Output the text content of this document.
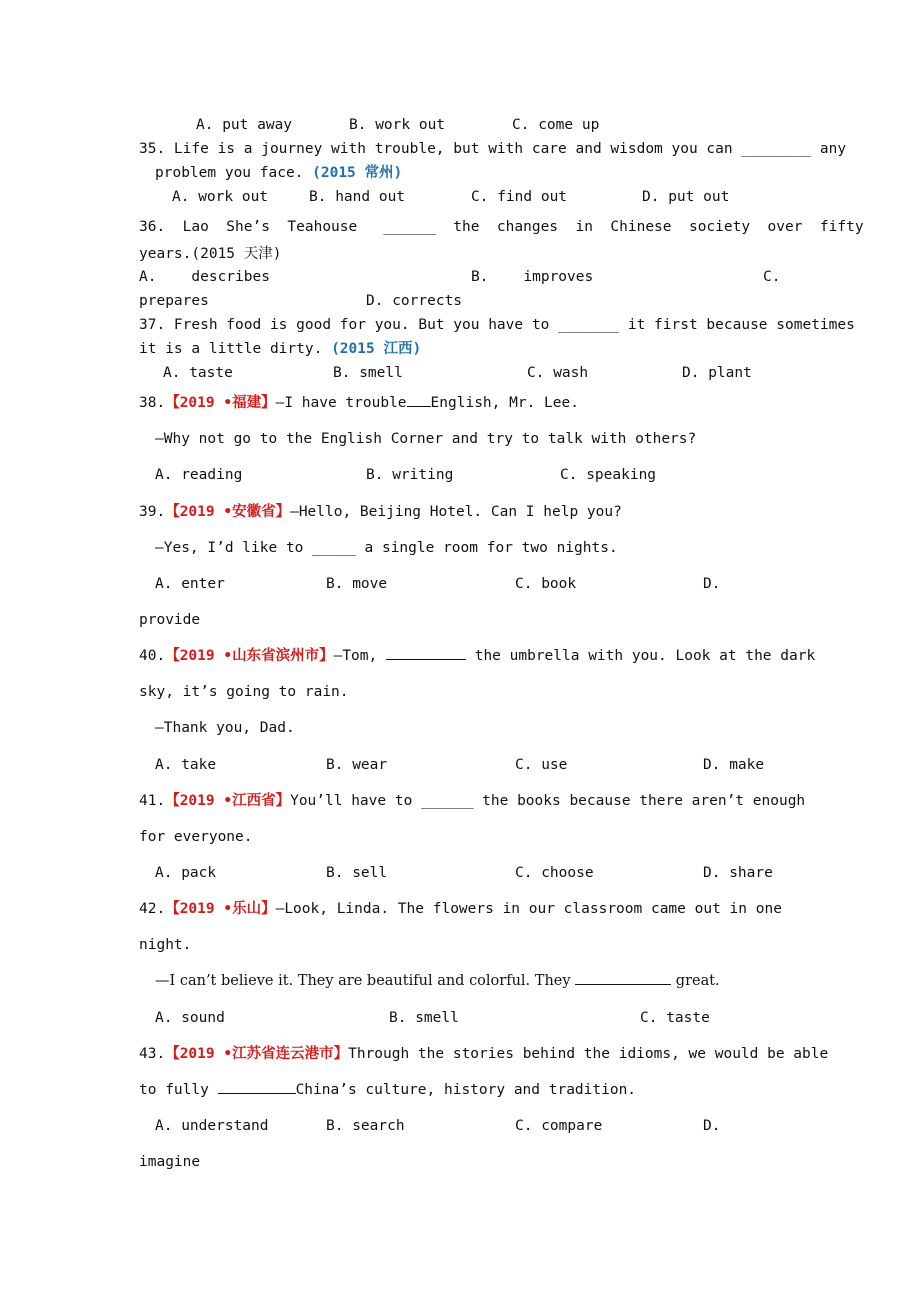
A. put away	B. work out	C. come up
35. Life is a journey with trouble, but with care and wisdom you can ________ any
problem you face. (2015 常州)
A. work out	B. hand out	C. find out	D. put out
36.  Lao  She’s  Teahouse   ______  the  changes  in  Chinese  society  over  fifty
years.(2015 天津)
A.    describes	B.    improves	C.
prepares	D. corrects
37. Fresh food is good for you. But you have to _______ it first because sometimes
it is a little dirty. (2015 江西)
A. taste	B. smell	C. wash	D. plant
38.【2019 •福建】—I have trouble English, Mr. Lee.
—Why not go to the English Corner and try to talk with others?
A. reading	B. writing	C. speaking
39.【2019 •安徽省】—Hello, Beijing Hotel. Can I help you?
—Yes, I’d like to _____ a single room for two nights.
A. enter	B. move	C. book	D.
provide
40.【2019 •山东省滨州市】—Tom,	the umbrella with you. Look at the dark
sky, it’s going to rain.
—Thank you, Dad.
A. take	B. wear	C. use	D. make
41.【2019 •江西省】You’ll have to ______ the books because there aren’t enough
for everyone.
A. pack	B. sell	C. choose	D. share
42.【2019 •乐山】—Look, Linda. The flowers in our classroom came out in one
night.
—I can’t believe it. They are beautiful and colorful. They	great.
A. sound	B. smell	C. taste
43.【2019 •江苏省连云港市】Through the stories behind the idioms, we would be able
to fully	China’s culture, history and tradition.
A. understand	B. search	C. compare	D.
imagine
